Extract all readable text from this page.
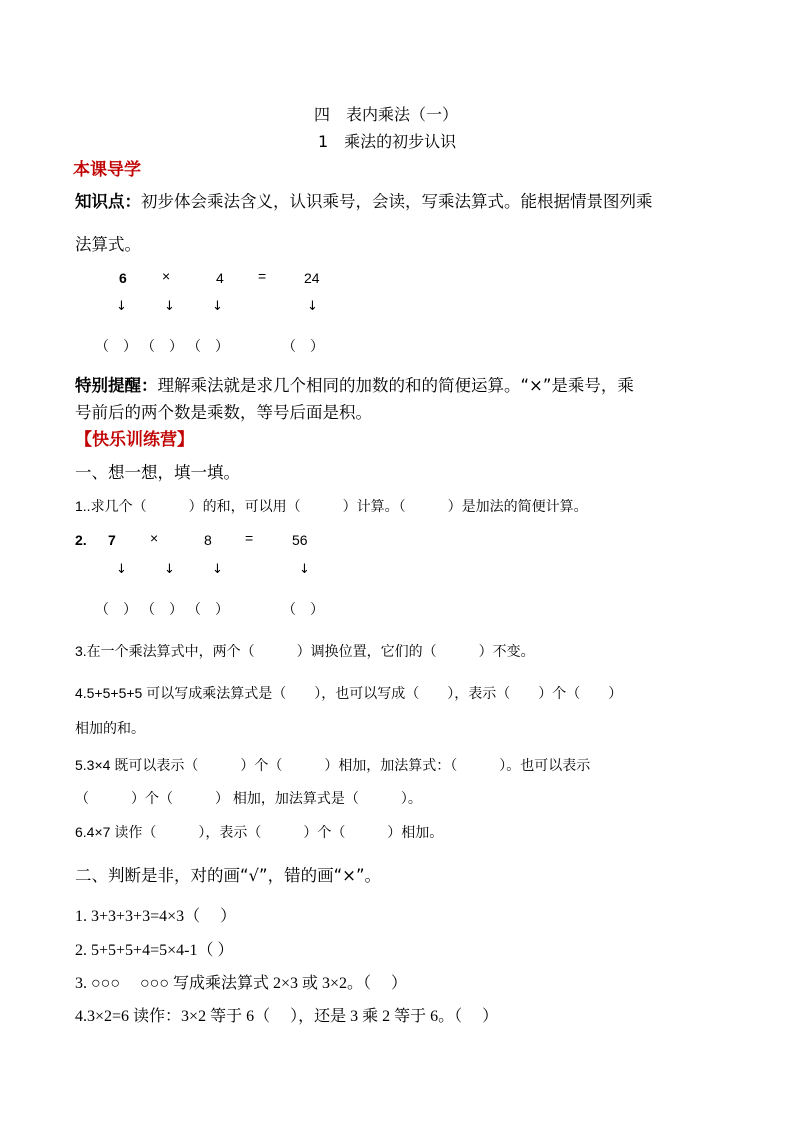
四　表内乘法（一）
1　乘法的初步认识
本课导学
知识点：初步体会乘法含义，认识乘号，会读，写乘法算式。能根据情景图列乘
法算式。
6	×	4 =	24
↓	↓	↓	↓
（　） （　） （　）	（　）
特别提醒：理解乘法就是求几个相同的加数的和的简便运算。“×”是乘号，乘
号前后的两个数是乘数，等号后面是积。
【快乐训练营】
一、想一想，填一填。
1..求几个（　　　）的和，可以用（　　　）计算。（　　　）是加法的简便计算。
2. 7 ×	8 =	56
↓	↓	↓	↓
（　） （　） （　）	（　）
3.在一个乘法算式中，两个（　　　）调换位置，它们的（　　　）不变。
4.5+5+5+5 可以写成乘法算式是（　　），也可以写成（　　），表示（　　）个（　　）
相加的和。
5.3×4 既可以表示（　　　）个（　　　）相加，加法算式：（　　　）。也可以表示
（　　　）个（　　　） 相加，加法算式是（　　　）。
6.4×7 读作（　　　），表示（　　　）个（　　　）相加。
二、判断是非，对的画“√”，错的画“×”。
1. 3+3+3+3=4×3（　 ）
2. 5+5+5+4=5×4-1（ ）
3. ○○○　 ○○○ 写成乘法算式 2×3 或 3×2。（　 ）
4.3×2=6 读作：3×2 等于 6（　 ），还是 3 乘 2 等于 6。（　 ）
